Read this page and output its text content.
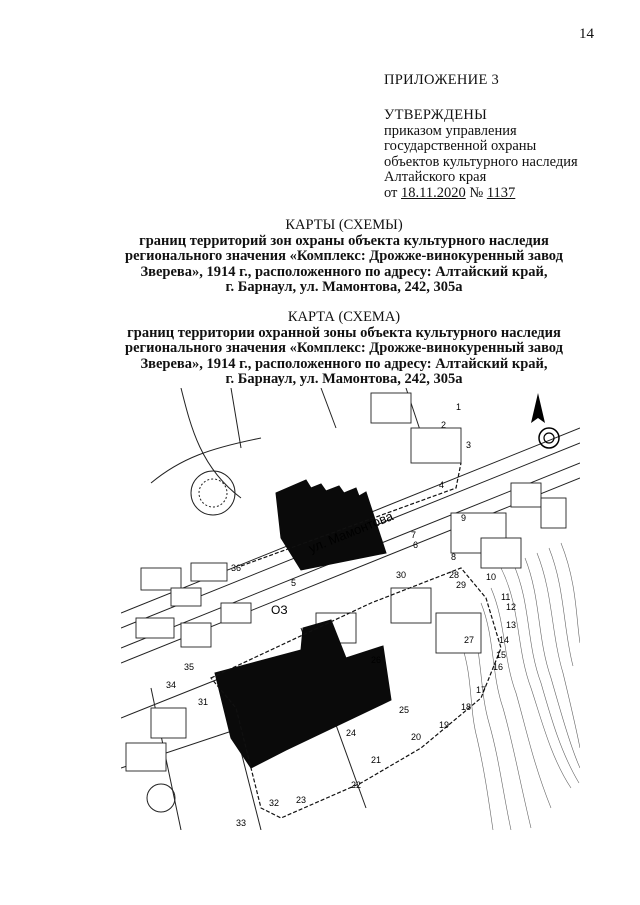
14
ПРИЛОЖЕНИЕ 3
УТВЕРЖДЕНЫ
приказом управления
государственной охраны
объектов культурного наследия
Алтайского края
от 18.11.2020 № 1137
КАРТЫ (СХЕМЫ)
границ территорий зон охраны объекта культурного наследия
регионального значения «Комплекс: Дрожже-винокуренный завод
Зверева», 1914 г., расположенного по адресу: Алтайский край,
г. Барнаул, ул. Мамонтова, 242, 305а
КАРТА (СХЕМА)
границ территории охранной зоны объекта культурного наследия
регионального значения «Комплекс: Дрожже-винокуренный завод
Зверева», 1914 г., расположенного по адресу: Алтайский край,
г. Барнаул, ул. Мамонтова, 242, 305а
ул. Мамонтова
ОЗ
1
2
3
4
5
6
7
8
9
10
11
12
13
14
15
16
17
18
19
20
21
22
23
24
25
26
27
28
29
30
31
32
33
34
35
36
